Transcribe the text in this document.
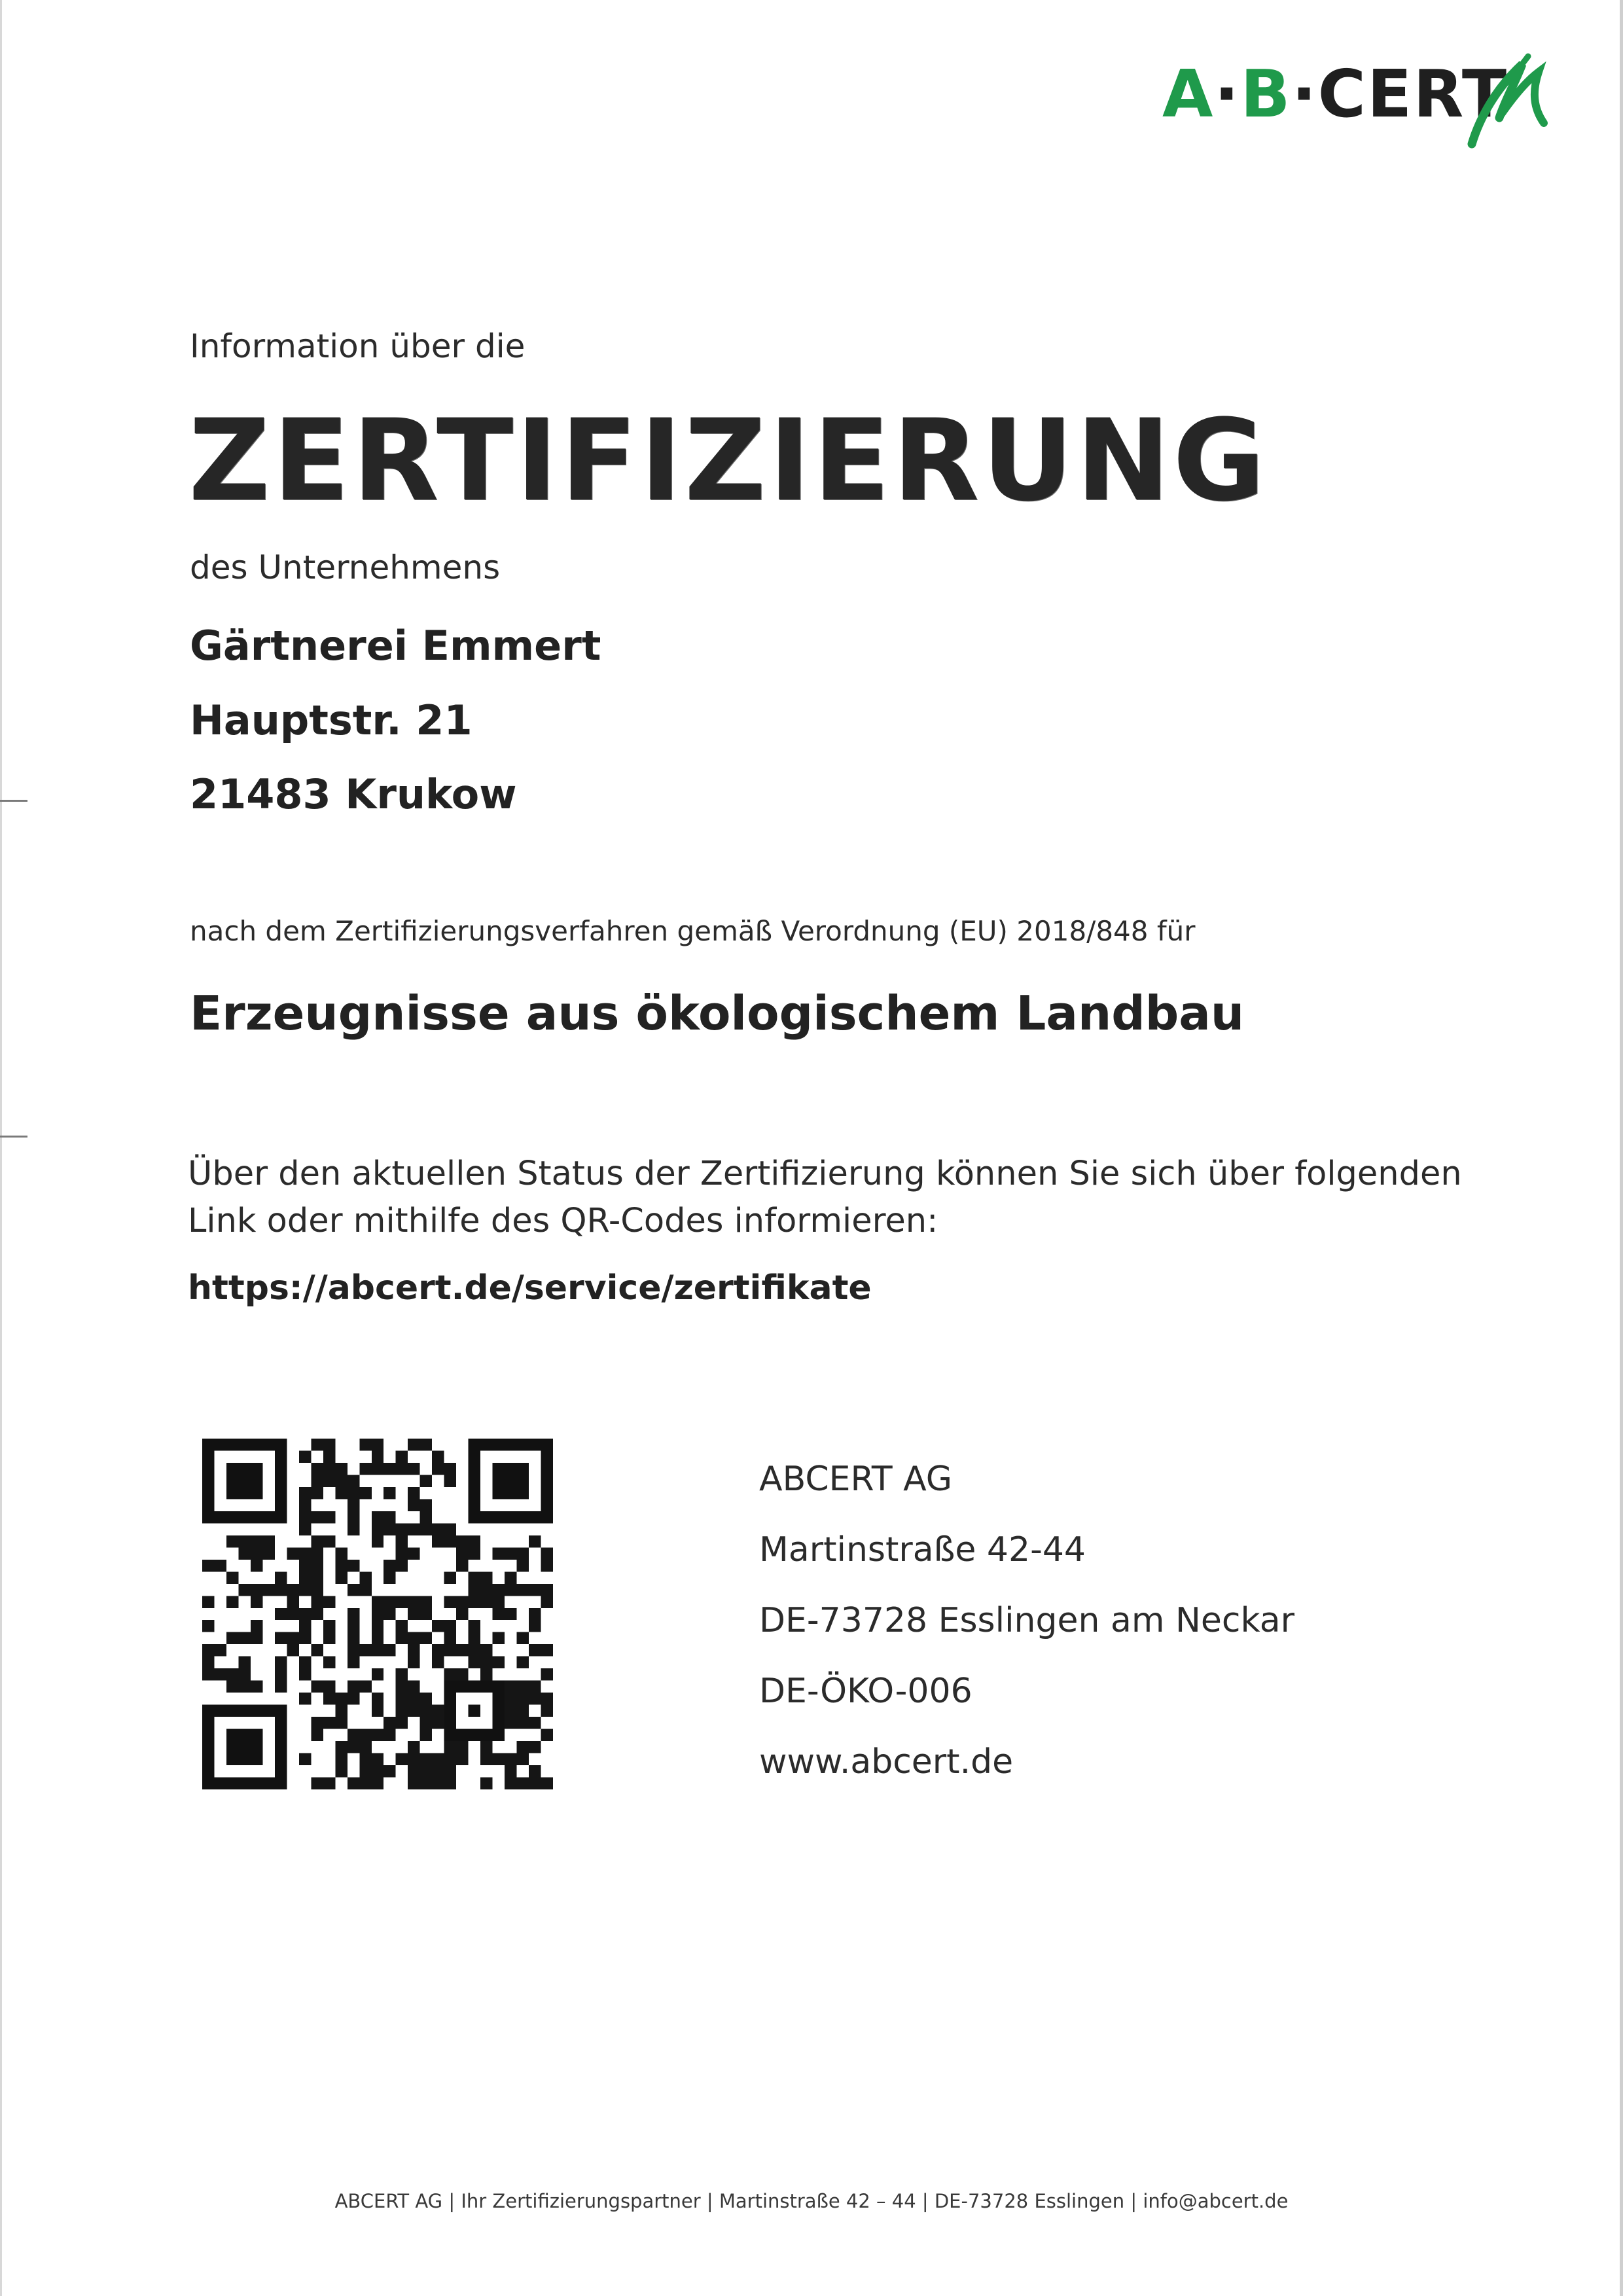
A·B·CERT
Information über die
ZERTIFIZIERUNG
des Unternehmens
Gärtnerei Emmert
Hauptstr. 21
21483 Krukow
nach dem Zertifizierungsverfahren gemäß Verordnung (EU) 2018/848 für
Erzeugnisse aus ökologischem Landbau
Über den aktuellen Status der Zertifizierung können Sie sich über folgenden
Link oder mithilfe des QR-Codes informieren:
https://abcert.de/service/zertifikate
ABCERT AG
Martinstraße 42-44
DE-73728 Esslingen am Neckar
DE-ÖKO-006
www.abcert.de
ABCERT AG | Ihr Zertifizierungspartner | Martinstraße 42 – 44 | DE-73728 Esslingen | info@abcert.de
